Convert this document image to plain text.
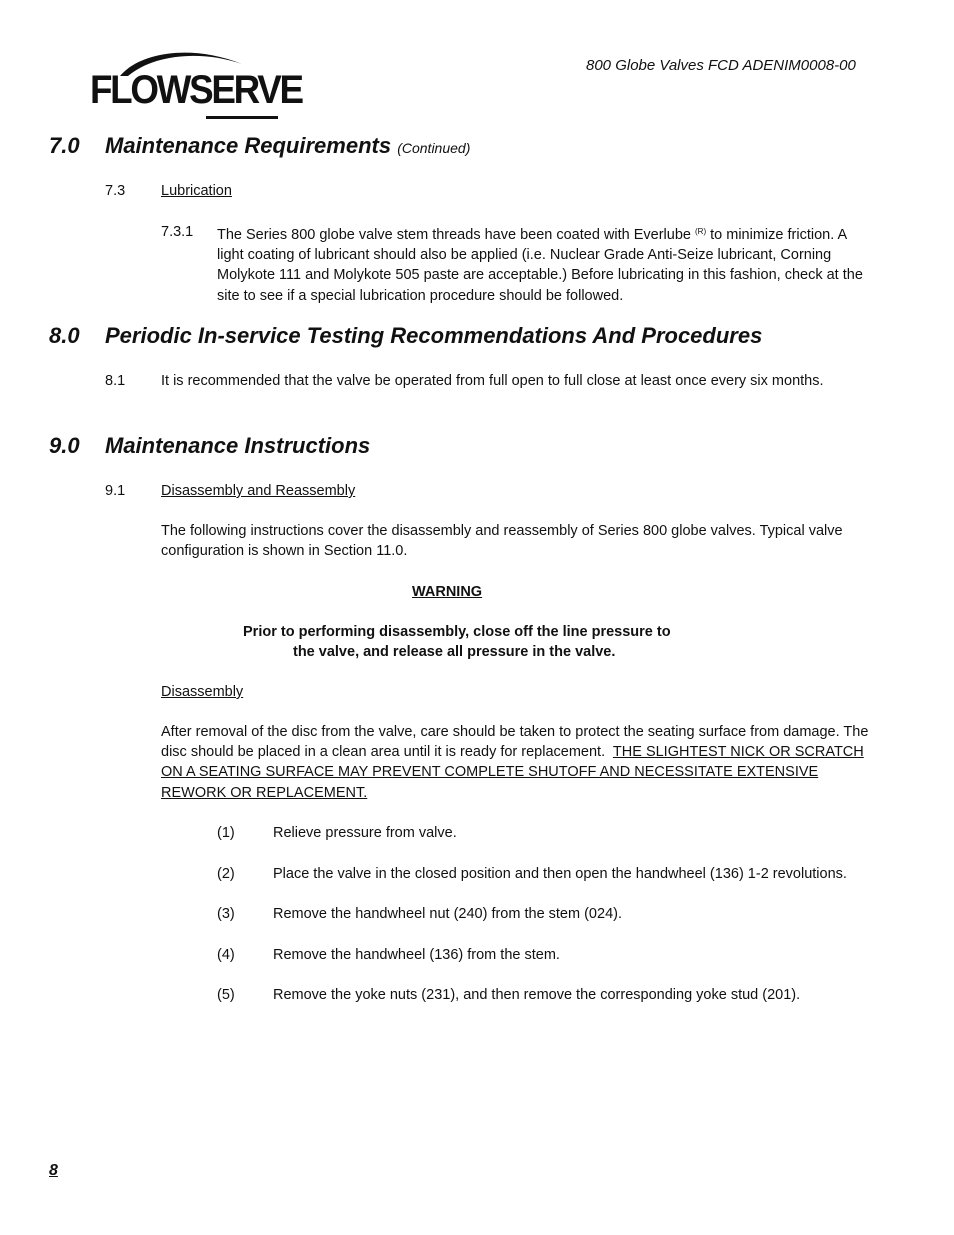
FLOWSERVE
800 Globe Valves FCD ADENIM0008-00
7.0 Maintenance Requirements (Continued)
7.3 Lubrication
7.3.1 The Series 800 globe valve stem threads have been coated with Everlube $^{(R)}$ to minimize friction. A
light coating of lubricant should also be applied (i.e. Nuclear Grade Anti-Seize lubricant, Corning
Molykote 111 and Molykote 505 paste are acceptable.) Before lubricating in this fashion, check at the
site to see if a special lubrication procedure should be followed.
8.0 Periodic In-service Testing Recommendations And Procedures
8.1 It is recommended that the valve be operated from full open to full close at least once every six months.
9.0 Maintenance Instructions
9.1 Disassembly and Reassembly
The following instructions cover the disassembly and reassembly of Series 800 globe valves. Typical valve
configuration is shown in Section 11.0.
WARNING
Prior to performing disassembly, close off the line pressure to
the valve, and release all pressure in the valve.
Disassembly
After removal of the disc from the valve, care should be taken to protect the seating surface from damage. The
disc should be placed in a clean area until it is ready for replacement.  THE SLIGHTEST NICK OR SCRATCH
ON A SEATING SURFACE MAY PREVENT COMPLETE SHUTOFF AND NECESSITATE EXTENSIVE
REWORK OR REPLACEMENT.
(1)	Relieve pressure from valve.
(2)	Place the valve in the closed position and then open the handwheel (136) 1-2 revolutions.
(3)	Remove the handwheel nut (240) from the stem (024).
(4)	Remove the handwheel (136) from the stem.
(5)	Remove the yoke nuts (231), and then remove the corresponding yoke stud (201).
8
